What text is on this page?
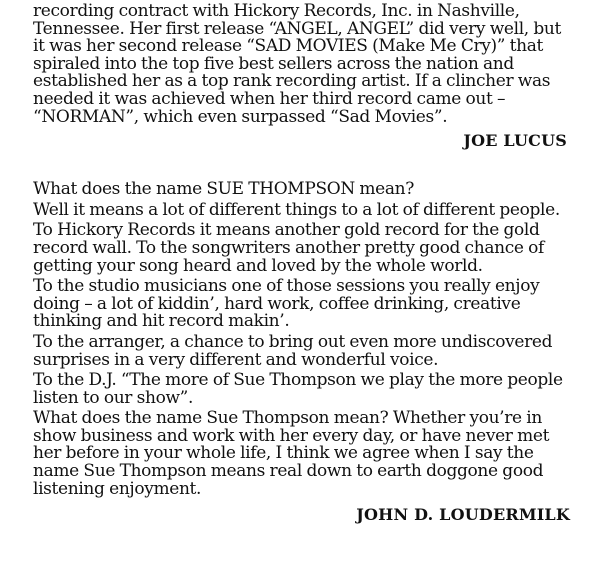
recording contract with Hickory Records, Inc. in Nashville, Tennessee. Her first release “ANGEL, ANGEL” did very well, but it was her second release “SAD MOVIES (Make Me Cry)” that spiraled into the top five best sellers across the nation and established her as a top rank recording artist. If a clincher was needed it was achieved when her third record came out – “NORMAN”, which even surpassed “Sad Movies”.

JOE LUCUS

What does the name SUE THOMPSON mean?

Well it means a lot of different things to a lot of different people.

To Hickory Records it means another gold record for the gold record wall. To the songwriters another pretty good chance of getting your song heard and loved by the whole world.

To the studio musicians one of those sessions you really enjoy doing – a lot of kiddin’, hard work, coffee drinking, creative thinking and hit record makin’.

To the arranger, a chance to bring out even more undiscovered surprises in a very different and wonderful voice.

To the D.J. “The more of Sue Thompson we play the more people listen to our show”.

What does the name Sue Thompson mean? Whether you’re in show business and work with her every day, or have never met her before in your whole life, I think we agree when I say the name Sue Thompson means real down to earth doggone good listening enjoyment.

JOHN D. LOUDERMILK
